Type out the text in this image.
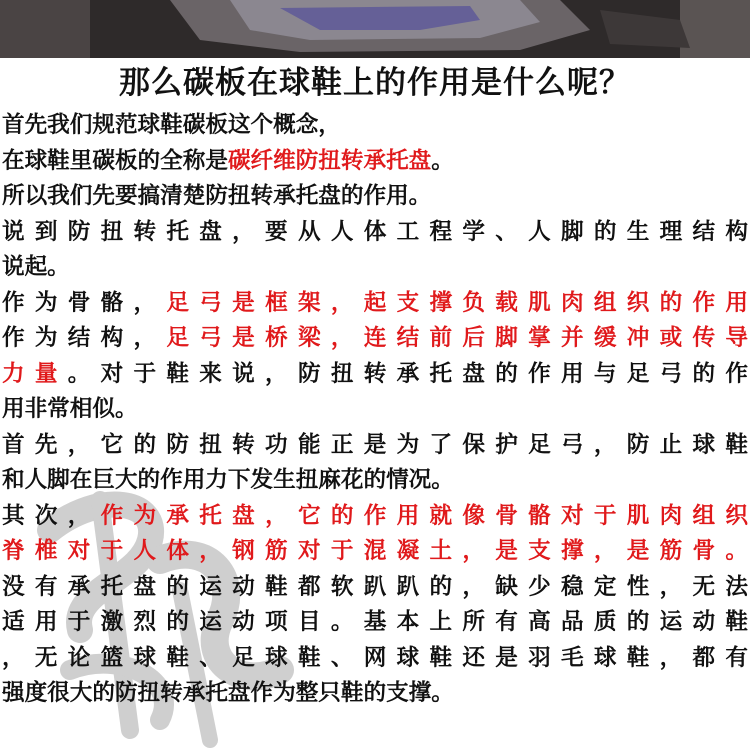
那么碳板在球鞋上的作用是什么呢？
首先我们规范球鞋碳板这个概念，
在球鞋里碳板的全称是碳纤维防扭转承托盘。
所以我们先要搞清楚防扭转承托盘的作用。
说到防扭转托盘，要从人体工程学、人脚的生理结构
说起。
作为骨骼，足弓是框架，起支撑负载肌肉组织的作用
作为结构，足弓是桥梁，连结前后脚掌并缓冲或传导
力量。对于鞋来说，防扭转承托盘的作用与足弓的作
用非常相似。
首先，它的防扭转功能正是为了保护足弓，防止球鞋
和人脚在巨大的作用力下发生扭麻花的情况。
其次，作为承托盘，它的作用就像骨骼对于肌肉组织
脊椎对于人体，钢筋对于混凝土，是支撑，是筋骨。
没有承托盘的运动鞋都软趴趴的，缺少稳定性，无法
适用于激烈的运动项目。基本上所有高品质的运动鞋
，无论篮球鞋、足球鞋、网球鞋还是羽毛球鞋，都有
强度很大的防扭转承托盘作为整只鞋的支撑。
